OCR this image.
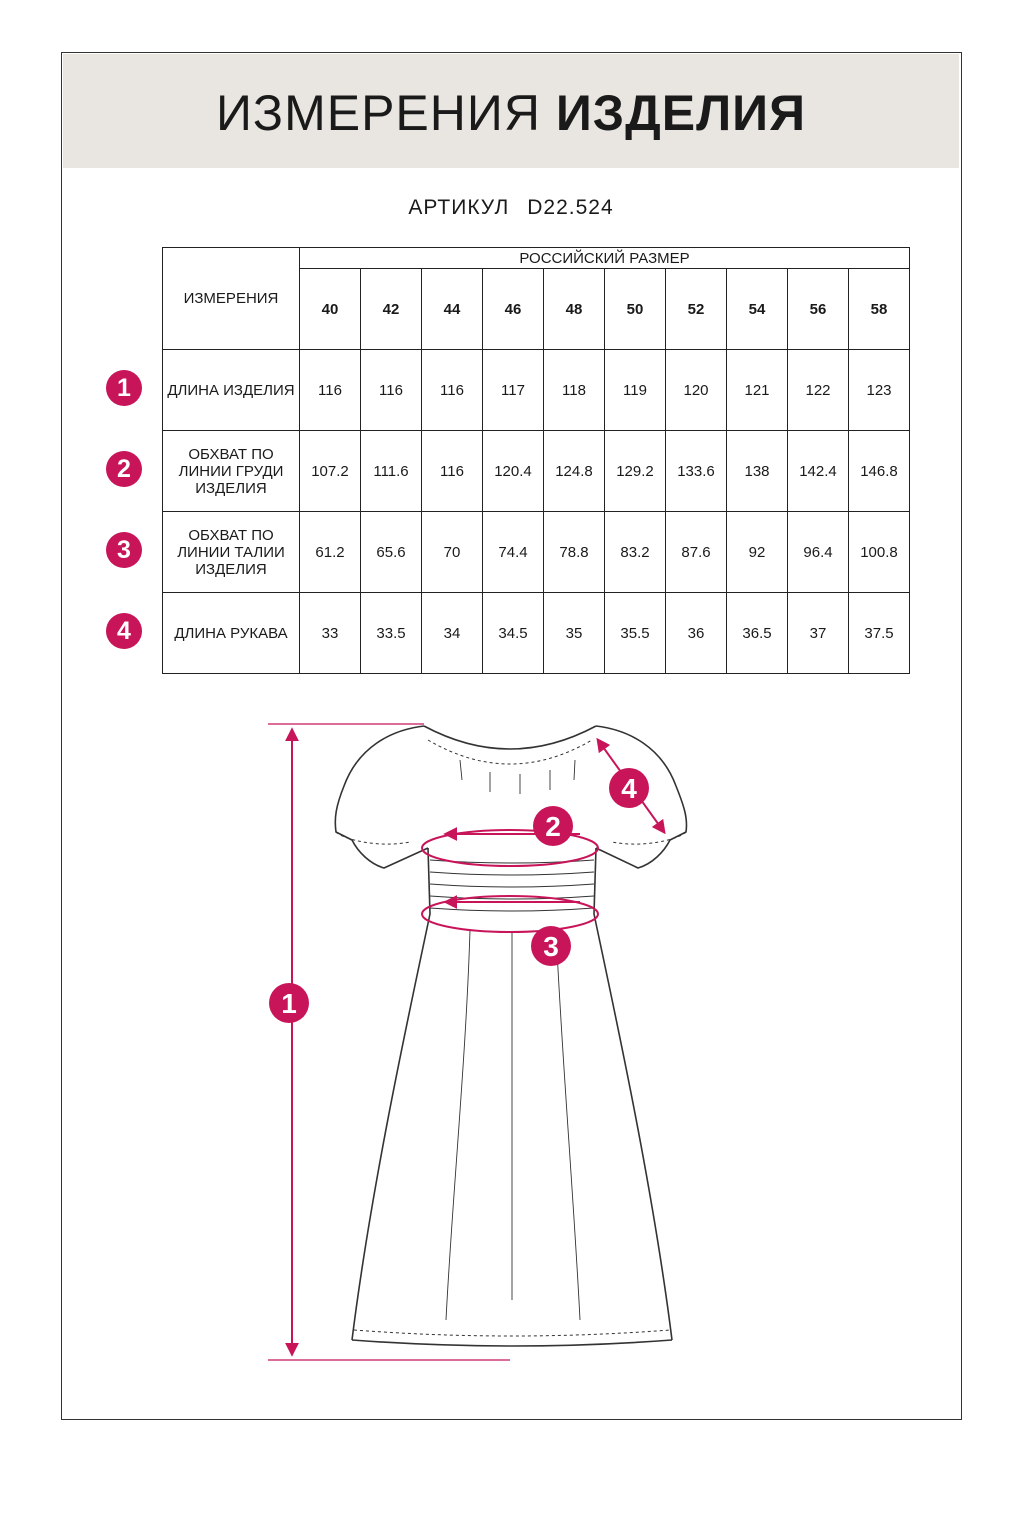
ИЗМЕРЕНИЯ ИЗДЕЛИЯ
АРТИКУЛ D22.524
ИЗМЕРЕНИЯ	РОССИЙСКИЙ РАЗМЕР									
	40	42	44	46	48	50	52	54	56	58

ДЛИНА ИЗДЕЛИЯ	116	116	116	117	118	119	120	121	122	123

ОБХВАТ ПО
ЛИНИИ ГРУДИ
ИЗДЕЛИЯ	107.2	111.6	116	120.4	124.8	129.2	133.6	138	142.4	146.8

ОБХВАТ ПО
ЛИНИИ ТАЛИИ
ИЗДЕЛИЯ	61.2	65.6	70	74.4	78.8	83.2	87.6	92	96.4	100.8

ДЛИНА РУКАВА	33	33.5	34	34.5	35	35.5	36	36.5	37	37.5
1
2
3
4
1
2
3
4
